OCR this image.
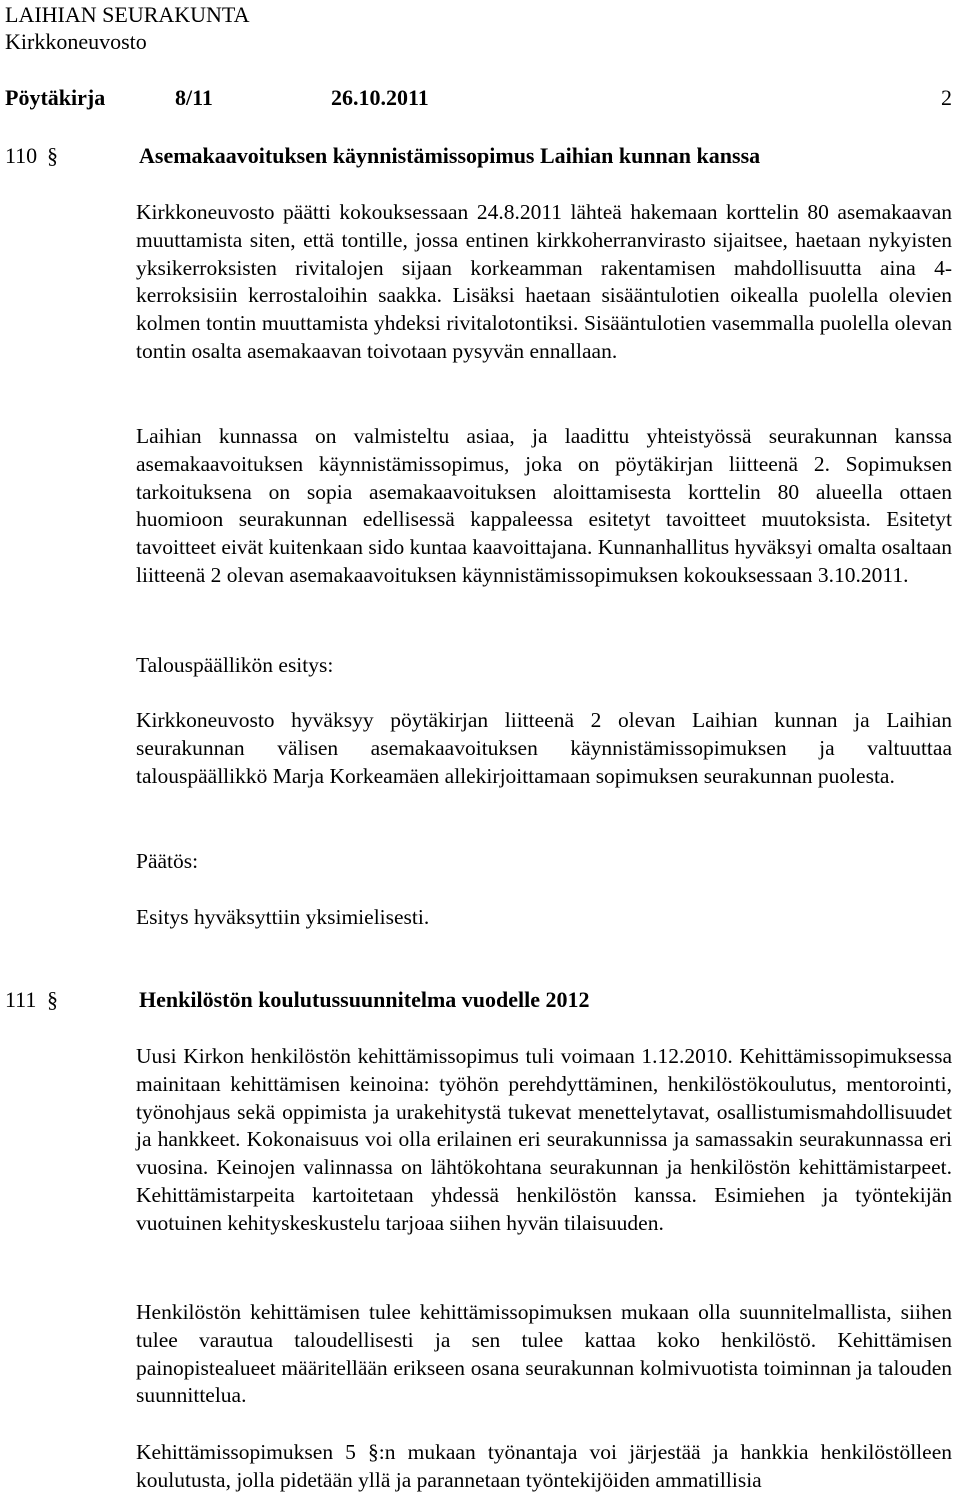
LAIHIAN SEURAKUNTA
Kirkkoneuvosto
Pöytäkirja	8/11	26.10.2011	2
110 §	Asemakaavoituksen käynnistämissopimus Laihian kunnan kanssa

Kirkkoneuvosto päätti kokouksessaan 24.8.2011 lähteä hakemaan korttelin 80 asemakaavan muuttamista siten, että tontille, jossa entinen kirkkoherranvirasto sijaitsee, haetaan nykyisten yksikerroksisten rivitalojen sijaan korkeamman rakentamisen mahdollisuutta aina 4-kerroksisiin kerrostaloihin saakka. Lisäksi haetaan sisääntulotien oikealla puolella olevien kolmen tontin muuttamista yhdeksi rivitalotontiksi. Sisääntulotien vasemmalla puolella olevan tontin osalta asemakaavan toivotaan pysyvän ennallaan.

Laihian kunnassa on valmisteltu asiaa, ja laadittu yhteistyössä seurakunnan kanssa asemakaavoituksen käynnistämissopimus, joka on pöytäkirjan liitteenä 2. Sopimuksen tarkoituksena on sopia asemakaavoituksen aloittamisesta korttelin 80 alueella ottaen huomioon seurakunnan edellisessä kappaleessa esitetyt tavoitteet muutoksista. Esitetyt tavoitteet eivät kuitenkaan sido kuntaa kaavoittajana. Kunnanhallitus hyväksyi omalta osaltaan liitteenä 2 olevan asemakaavoituksen käynnistämissopimuksen kokouksessaan 3.10.2011.

Talouspäällikön esitys:

Kirkkoneuvosto hyväksyy pöytäkirjan liitteenä 2 olevan Laihian kunnan ja Laihian seurakunnan välisen asemakaavoituksen käynnistämissopimuksen ja valtuuttaa talouspäällikkö Marja Korkeamäen allekirjoittamaan sopimuksen seurakunnan puolesta.

Päätös:
Esitys hyväksyttiin yksimielisesti.
111 §	Henkilöstön koulutussuunnitelma vuodelle 2012

Uusi Kirkon henkilöstön kehittämissopimus tuli voimaan 1.12.2010. Kehittämissopimuksessa mainitaan kehittämisen keinoina: työhön perehdyttäminen, henkilöstökoulutus, mentorointi, työnohjaus sekä oppimista ja urakehitystä tukevat menettelytavat, osallistumismahdollisuudet ja hankkeet. Kokonaisuus voi olla erilainen eri seurakunnissa ja samassakin seurakunnassa eri vuosina. Keinojen valinnassa on lähtökohtana seurakunnan ja henkilöstön kehittämistarpeet. Kehittämistarpeita kartoitetaan yhdessä henkilöstön kanssa. Esimiehen ja työntekijän vuotuinen kehityskeskustelu tarjoaa siihen hyvän tilaisuuden.

Henkilöstön kehittämisen tulee kehittämissopimuksen mukaan olla suunnitelmallista, siihen tulee varautua taloudellisesti ja sen tulee kattaa koko henkilöstö. Kehittämisen painopistealueet määritellään erikseen osana seurakunnan kolmivuotista toiminnan ja talouden suunnittelua.

Kehittämissopimuksen 5 §:n mukaan työnantaja voi järjestää ja hankkia henkilöstölleen koulutusta, jolla pidetään yllä ja parannetaan työntekijöiden ammatillisia
